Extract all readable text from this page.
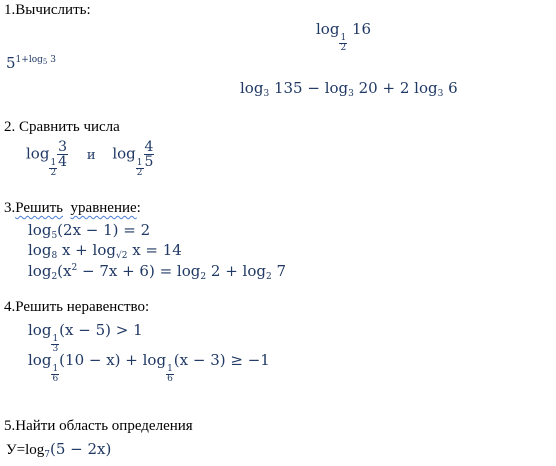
1.Вычислить:
log
$\frac{1}{2}$
16
$5^{1+log_5 3}$
$\log_3 135 - \log_3 20 + 2$ $\log_3 6$
2. Сравнить числа
log
$\frac{1}{2} \frac{3}{4}$ и log
$\frac{1}{2} \frac{4}{5}$
3.Решить уравнение:
$\log_5(2x - 1) = 2$
$\log_8 x + \log_{√2} x = 14$
$\log_2(x^2 - 7x + 6) = \log_2 2 + \log_2 7$
4.Решить неравенство:
log
$\frac{1}{3}$
(x − 5) > 1
log
$\frac{1}{6}$
(10 − x) + log
$\frac{1}{6}$
(x − 3) ≥ −1
5.Найти область определения
$У=\log_7(5 - 2x)$
